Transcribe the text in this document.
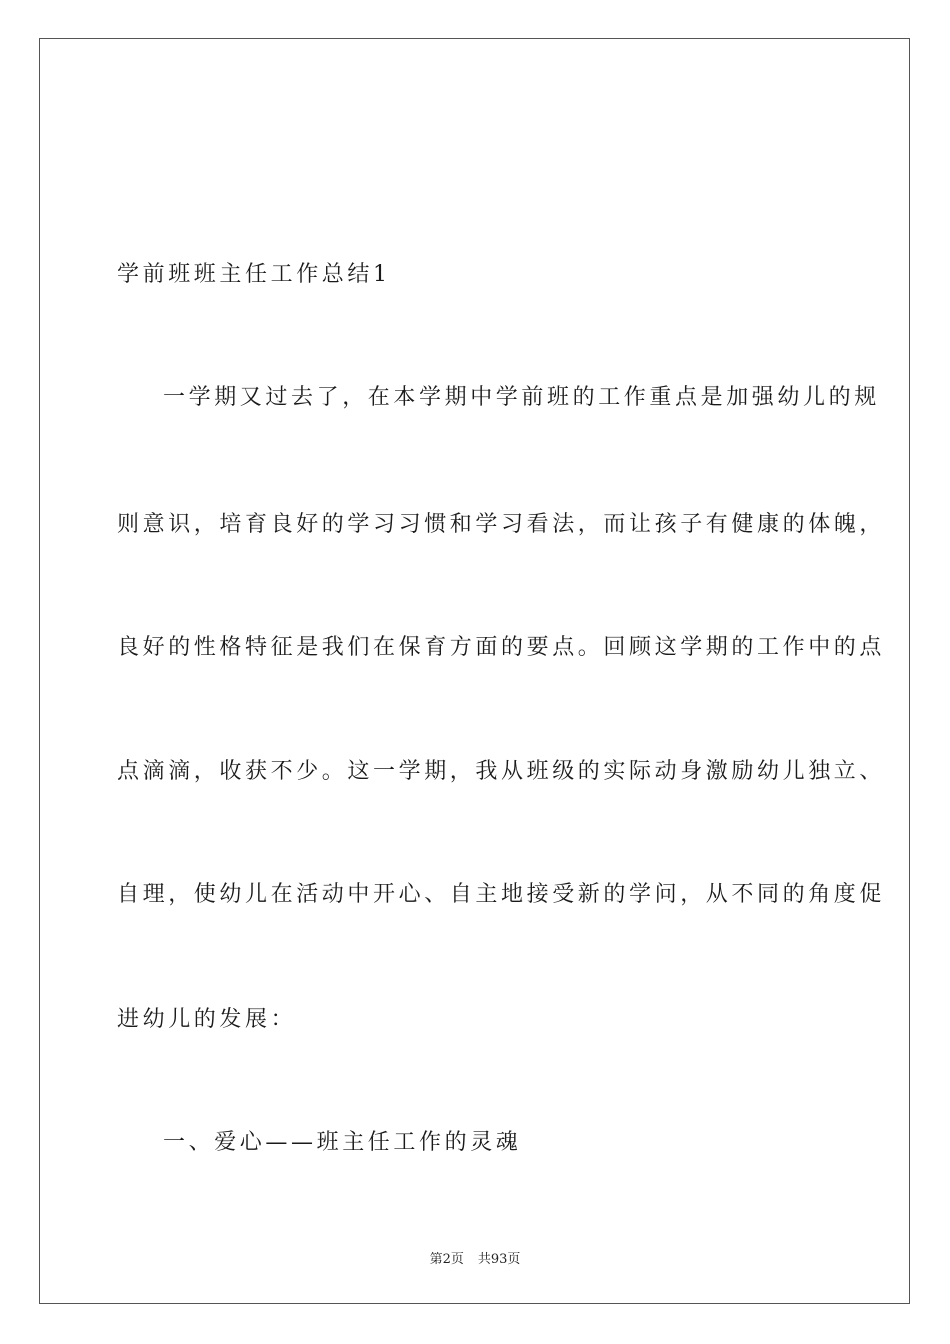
学前班班主任工作总结1
一学期又过去了，在本学期中学前班的工作重点是加强幼儿的规
则意识，培育良好的学习习惯和学习看法，而让孩子有健康的体魄，
良好的性格特征是我们在保育方面的要点。回顾这学期的工作中的点
点滴滴，收获不少。这一学期，我从班级的实际动身激励幼儿独立、
自理，使幼儿在活动中开心、自主地接受新的学问，从不同的角度促
进幼儿的发展：
一、爱心——班主任工作的灵魂
第2页 共93页
